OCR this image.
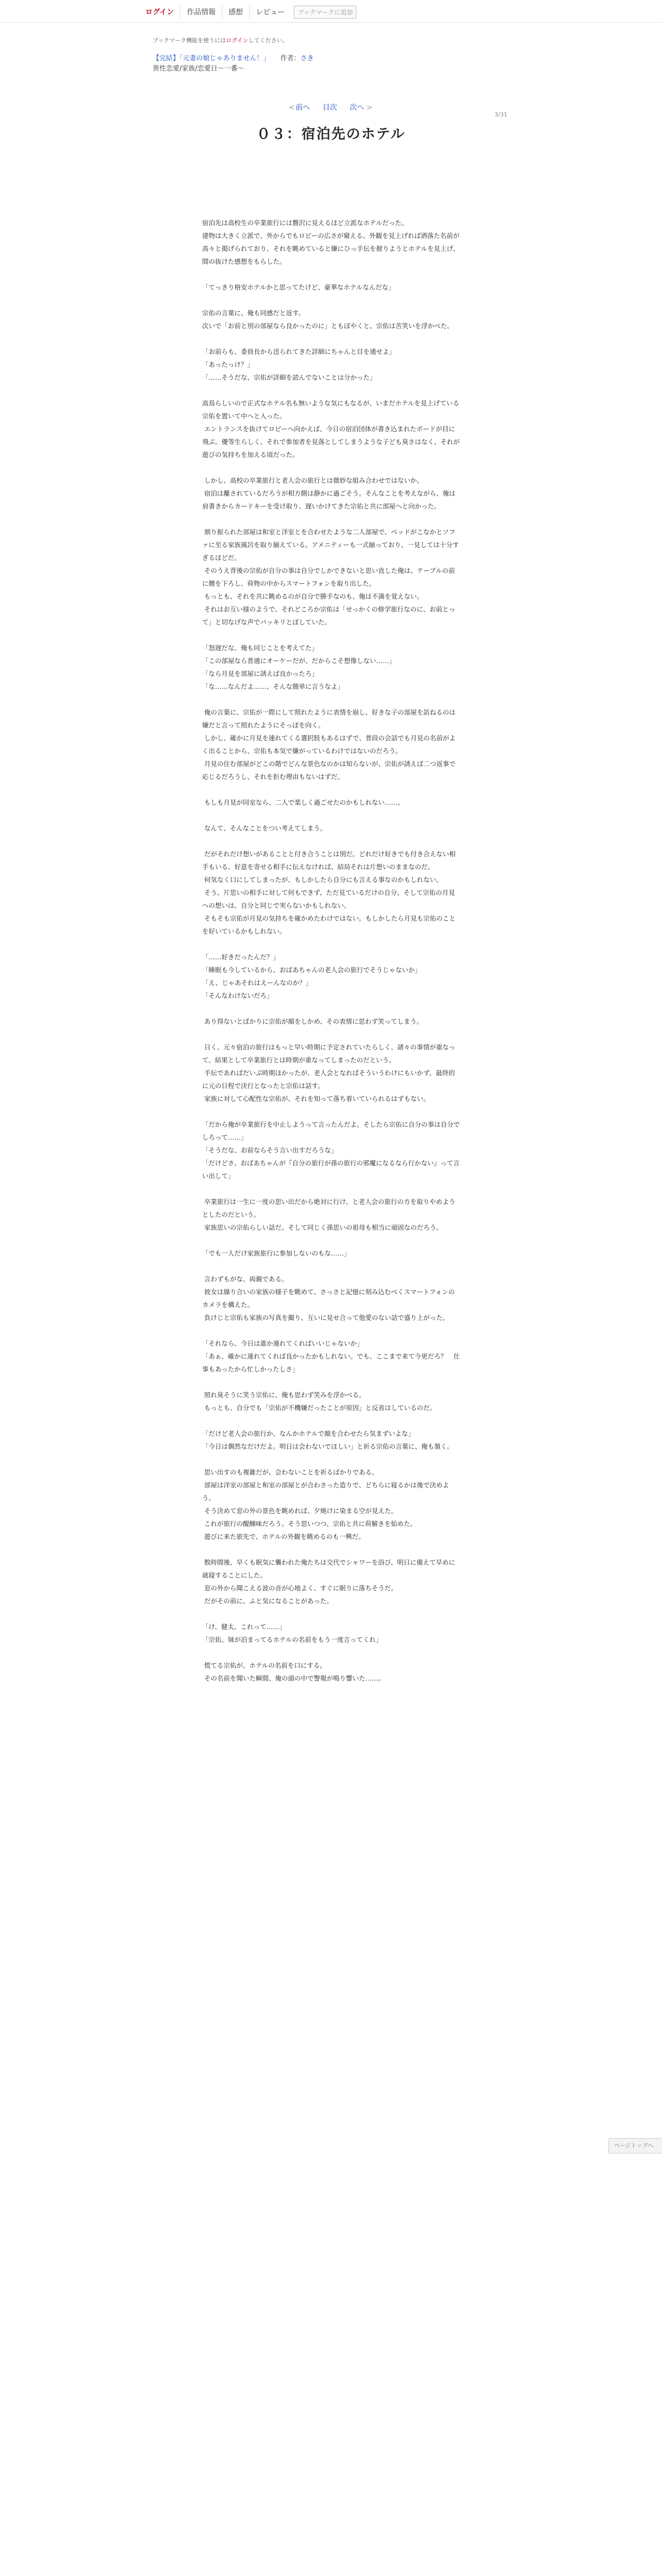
ログイン	作品情報	感想	レビュー	ブックマークに追加
ブックマーク機能を使うにはログインしてください。
【完結】「元妻の娘じゃありません！」 作者：さき
異性恋愛/家族/恋愛日〜一番〜
< 前へ 目次 次へ >
3/31
０３：宿泊先のホテル
宿泊先は高校生の卒業旅行には贅沢に見えるほど立派なホテルだった。
建物は大きく立派で、外からでもロビーの広さが窺える。外観を見上げれば洒落た名前が高々と掲げられており、それを眺めていると嫌にひっ手伝を握りようとホテルを見上げ、間の抜けた感想をもらした。

「てっきり格安ホテルかと思ってたけど、豪華なホテルなんだな」

宗佑の言葉に、俺も同感だと返す。
次いで「お前と別の部屋なら良かったのに」ともぼやくと、宗佑は苦笑いを浮かべた。

「お前らも、委員長から送られてきた詳細にちゃんと目を通せよ」
「あったっけ？」
「……そうだな、宗佑が詳細を読んでないことは分かった」

高鳥らしいので正式なホテル名も無いような気にもなるが、いまだホテルを見上げている宗佑を置いて中へと入った。
エントランスを抜けてロビーへ向かえば、今日の宿泊団体が書き込まれたボードが目に飛ぶ。優等生らしく、それで参加者を見落としてしまうような子ども臭さはなく、それが遊びの気持ちを加える頃だった。

しかし、高校の卒業旅行と老人会の旅行とは微妙な組み合わせではないか。
宿泊は離されているだろうが相方側は静かに過ごそう。そんなことを考えながら、俺は肩書きからカードキーを受け取り、遅いかけてきた宗佑と共に部屋へと向かった。

割り振られた部屋は和室と洋室とを合わせたような二人部屋で、ベッドがこなかとソファに至る家族風呂を取り揃えている。アメニティーも一式揃っており、一見しては十分すぎるほどだ。
そのうえ背後の宗佑が自分の事は自分でしかできないと思い直した俺は、テーブルの前に腰を下ろし、荷物の中からスマートフォンを取り出した。
もっとも、それを共に眺めるのが自分で勝手なのも、俺は不満を覚えない。
それはお互い様のようで、それどころか宗佑は「せっかくの修学旅行なのに、お前とって」と切なげな声でパッキリとぼしていた。

「怒遅だな、俺も同じことを考えてた」
「この部屋なら普通にオーケーだが、だからこそ想像しない……」
「なら月見を部屋に誘えば良かったろ」
「な……なんだよ……、そんな簡単に言うなよ」

俺の言葉に、宗佑が一際にして照れたように表情を崩し、好きな子の部屋を訪ねるのは嫌だと言って照れたようにそっぽを向く。
しかし、確かに月見を連れてくる選択肢もあるはずで、普段の会話でも月見の名前がよく出ることから、宗佑も本気で嫌がっているわけではないのだろう。
月見の住む部屋がどこの階でどんな景色なのかは知らないが、宗佑が誘えば二つ返事で応じるだろうし、それを拒む理由もないはずだ。

もしも月見が同室なら、二人で楽しく過ごせたのかもしれない……。

なんて、そんなことをつい考えてしまう。

だがそれだけ想いがあることと付き合うことは別だ。どれだけ好きでも付き合えない相手もいる。好意を寄せる相手に伝えなければ、結局それは片想いのままなのだ。
何気なく口にしてしまったが、もしかしたら自分にも言える事なのかもしれない。
そう、片思いの相手に対して何もできず、ただ見ているだけの自分。そして宗佑の月見への想いは、自分と同じで実らないかもしれない。
そもそも宗佑が月見の気持ちを確かめたわけではない。もしかしたら月見も宗佑のことを好いているかもしれない。

「……好きだったんだ？」
「睡眠も今しているから、おばあちゃんの老人会の旅行でそうじゃないか」
「え、じゃあそれはえーんなのか？」
「そんなわけないだろ」

あり得ないとばかりに宗佑が顔をしかめ、その表情に思わず笑ってしまう。

日く、元々宿泊の旅行はもっと早い時期に予定されていたらしく、諸々の事情が重なって、結果として卒業旅行とは時期が重なってしまったのだという。
手伝であればだいぶ時期ほかったが、老人会となればそういうわけにもいかず、最終的に元の日程で決行となったと宗佑は話す。
家族に対して心配性な宗佑が、それを知って落ち着いていられるはずもない。

「だから俺が卒業旅行を中止しようって言ったんだよ。そしたら宗佑に自分の事は自分でしろって……」
「そうだな、お前ならそう言い出すだろうな」
「だけどさ、おばあちゃんが『自分の旅行が孫の旅行の邪魔になるなら行かない』って言い出して」

卒業旅行は一生に一度の思い出だから絶対に行け、と老人会の旅行の方を取りやめようとしたのだという。
家族思いの宗佑らしい話だ。そして同じく孫思いの祖母も相当に頑固なのだろう。

「でも一人だけ家族旅行に参加しないのもな……」

言わずもがな、両親である。
彼女は繰り合いの家族の様子を眺めて、さっさと記憶に刻み込むべくスマートフォンのカメラを構えた。
負けじと宗佑も家族の写真を撮り、互いに見せ合って他愛のない話で盛り上がった。

「それなら、今日は誰か連れてくればいいじゃないか」
「あぁ、確かに連れてくれば良かったかもしれない。でも、ここまで来て今更だろ？　仕事もあったから忙しかったしさ」

照れ臭そうに笑う宗佑に、俺も思わず笑みを浮かべる。
もっとも、自分でも「宗佑が不機嫌だったことが原因」と反省はしているのだ。

「だけど老人会の旅行か、なんかホテルで顔を合わせたら気まずいよな」
「今日は偶然なだけだよ。明日は会わないでほしい」と祈る宗佑の言葉に、俺も頷く。

思い出すのも複雑だが、会わないことを祈るばかりである。
部屋は洋室の部屋と和室の部屋とが合わさった造りで、どちらに寝るかは後で決めよう。
そう決めて窓の外の景色を眺めれば、夕焼けに染まる空が見えた。
これが旅行の醍醐味だろう。そう思いつつ、宗佑と共に荷解きを始めた。
遊びに来た旅先で、ホテルの外観を眺めるのも一興だ。

数時間後、早くも眠気に襲われた俺たちは交代でシャワーを浴び、明日に備えて早めに就寝することにした。
窓の外から聞こえる波の音が心地よく、すぐに眠りに落ちそうだ。
だがその前に、ふと気になることがあった。

「け、健太、これって……」
「宗佑、妹が泊まってるホテルの名前をもう一度言ってくれ」

慌てる宗佑が、ホテルの名前を口にする。
その名前を聞いた瞬間、俺の頭の中で警報が鳴り響いた……。
ページトップへ
